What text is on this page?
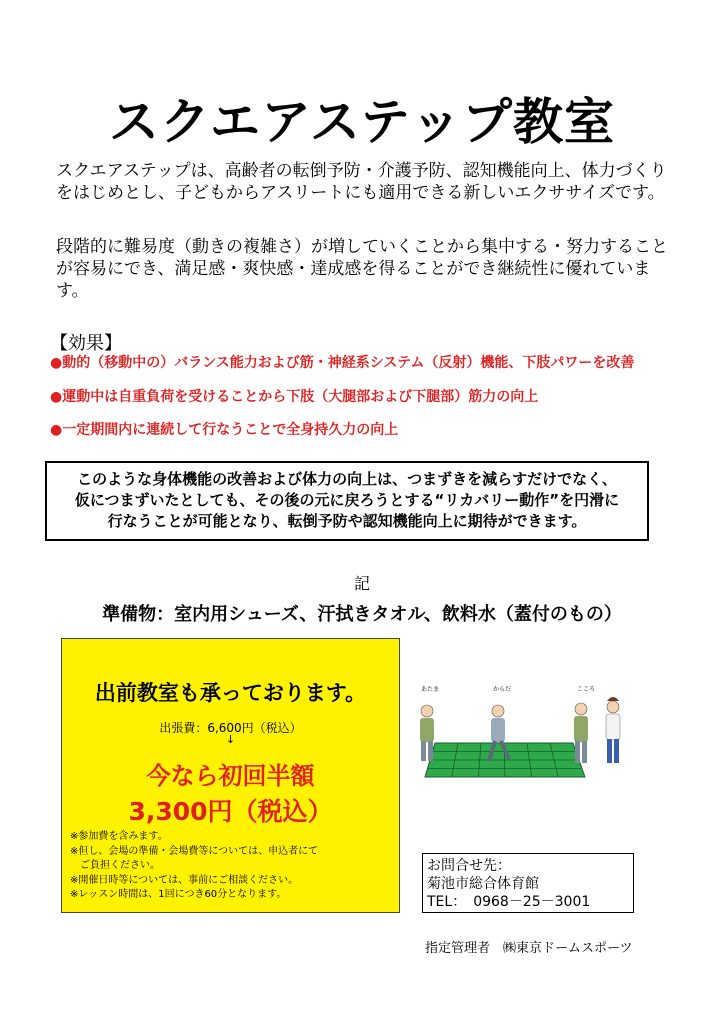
スクエアステップ教室
スクエアステップは、高齢者の転倒予防・介護予防、認知機能向上、体力づくりをはじめとし、子どもからアスリートにも適用できる新しいエクササイズです。
段階的に難易度（動きの複雑さ）が増していくことから集中する・努力することが容易にでき、満足感・爽快感・達成感を得ることができ継続性に優れています。
【効果】
●動的（移動中の）バランス能力および筋・神経系システム（反射）機能、下肢パワーを改善
●運動中は自重負荷を受けることから下肢（大腿部および下腿部）筋力の向上
●一定期間内に連続して行なうことで全身持久力の向上
このような身体機能の改善および体力の向上は、つまずきを減らすだけでなく、
仮につまずいたとしても、その後の元に戻ろうとする“リカバリー動作”を円滑に
行なうことが可能となり、転倒予防や認知機能向上に期待ができます。
記
準備物：室内用シューズ、汗拭きタオル、飲料水（蓋付のもの）
出前教室も承っております。
出張費：6,600円（税込）
↓
今なら初回半額
3,300円（税込）
※参加費を含みます。
※但し、会場の準備・会場費等については、申込者にて
　ご負担ください。
※開催日時等については、事前にご相談ください。
※レッスン時間は、1回につき60分となります。
あたま	からだ	こころ
お問合せ先：
菊池市総合体育館
TEL：　0968－25－3001
指定管理者　㈱東京ドームスポーツ
